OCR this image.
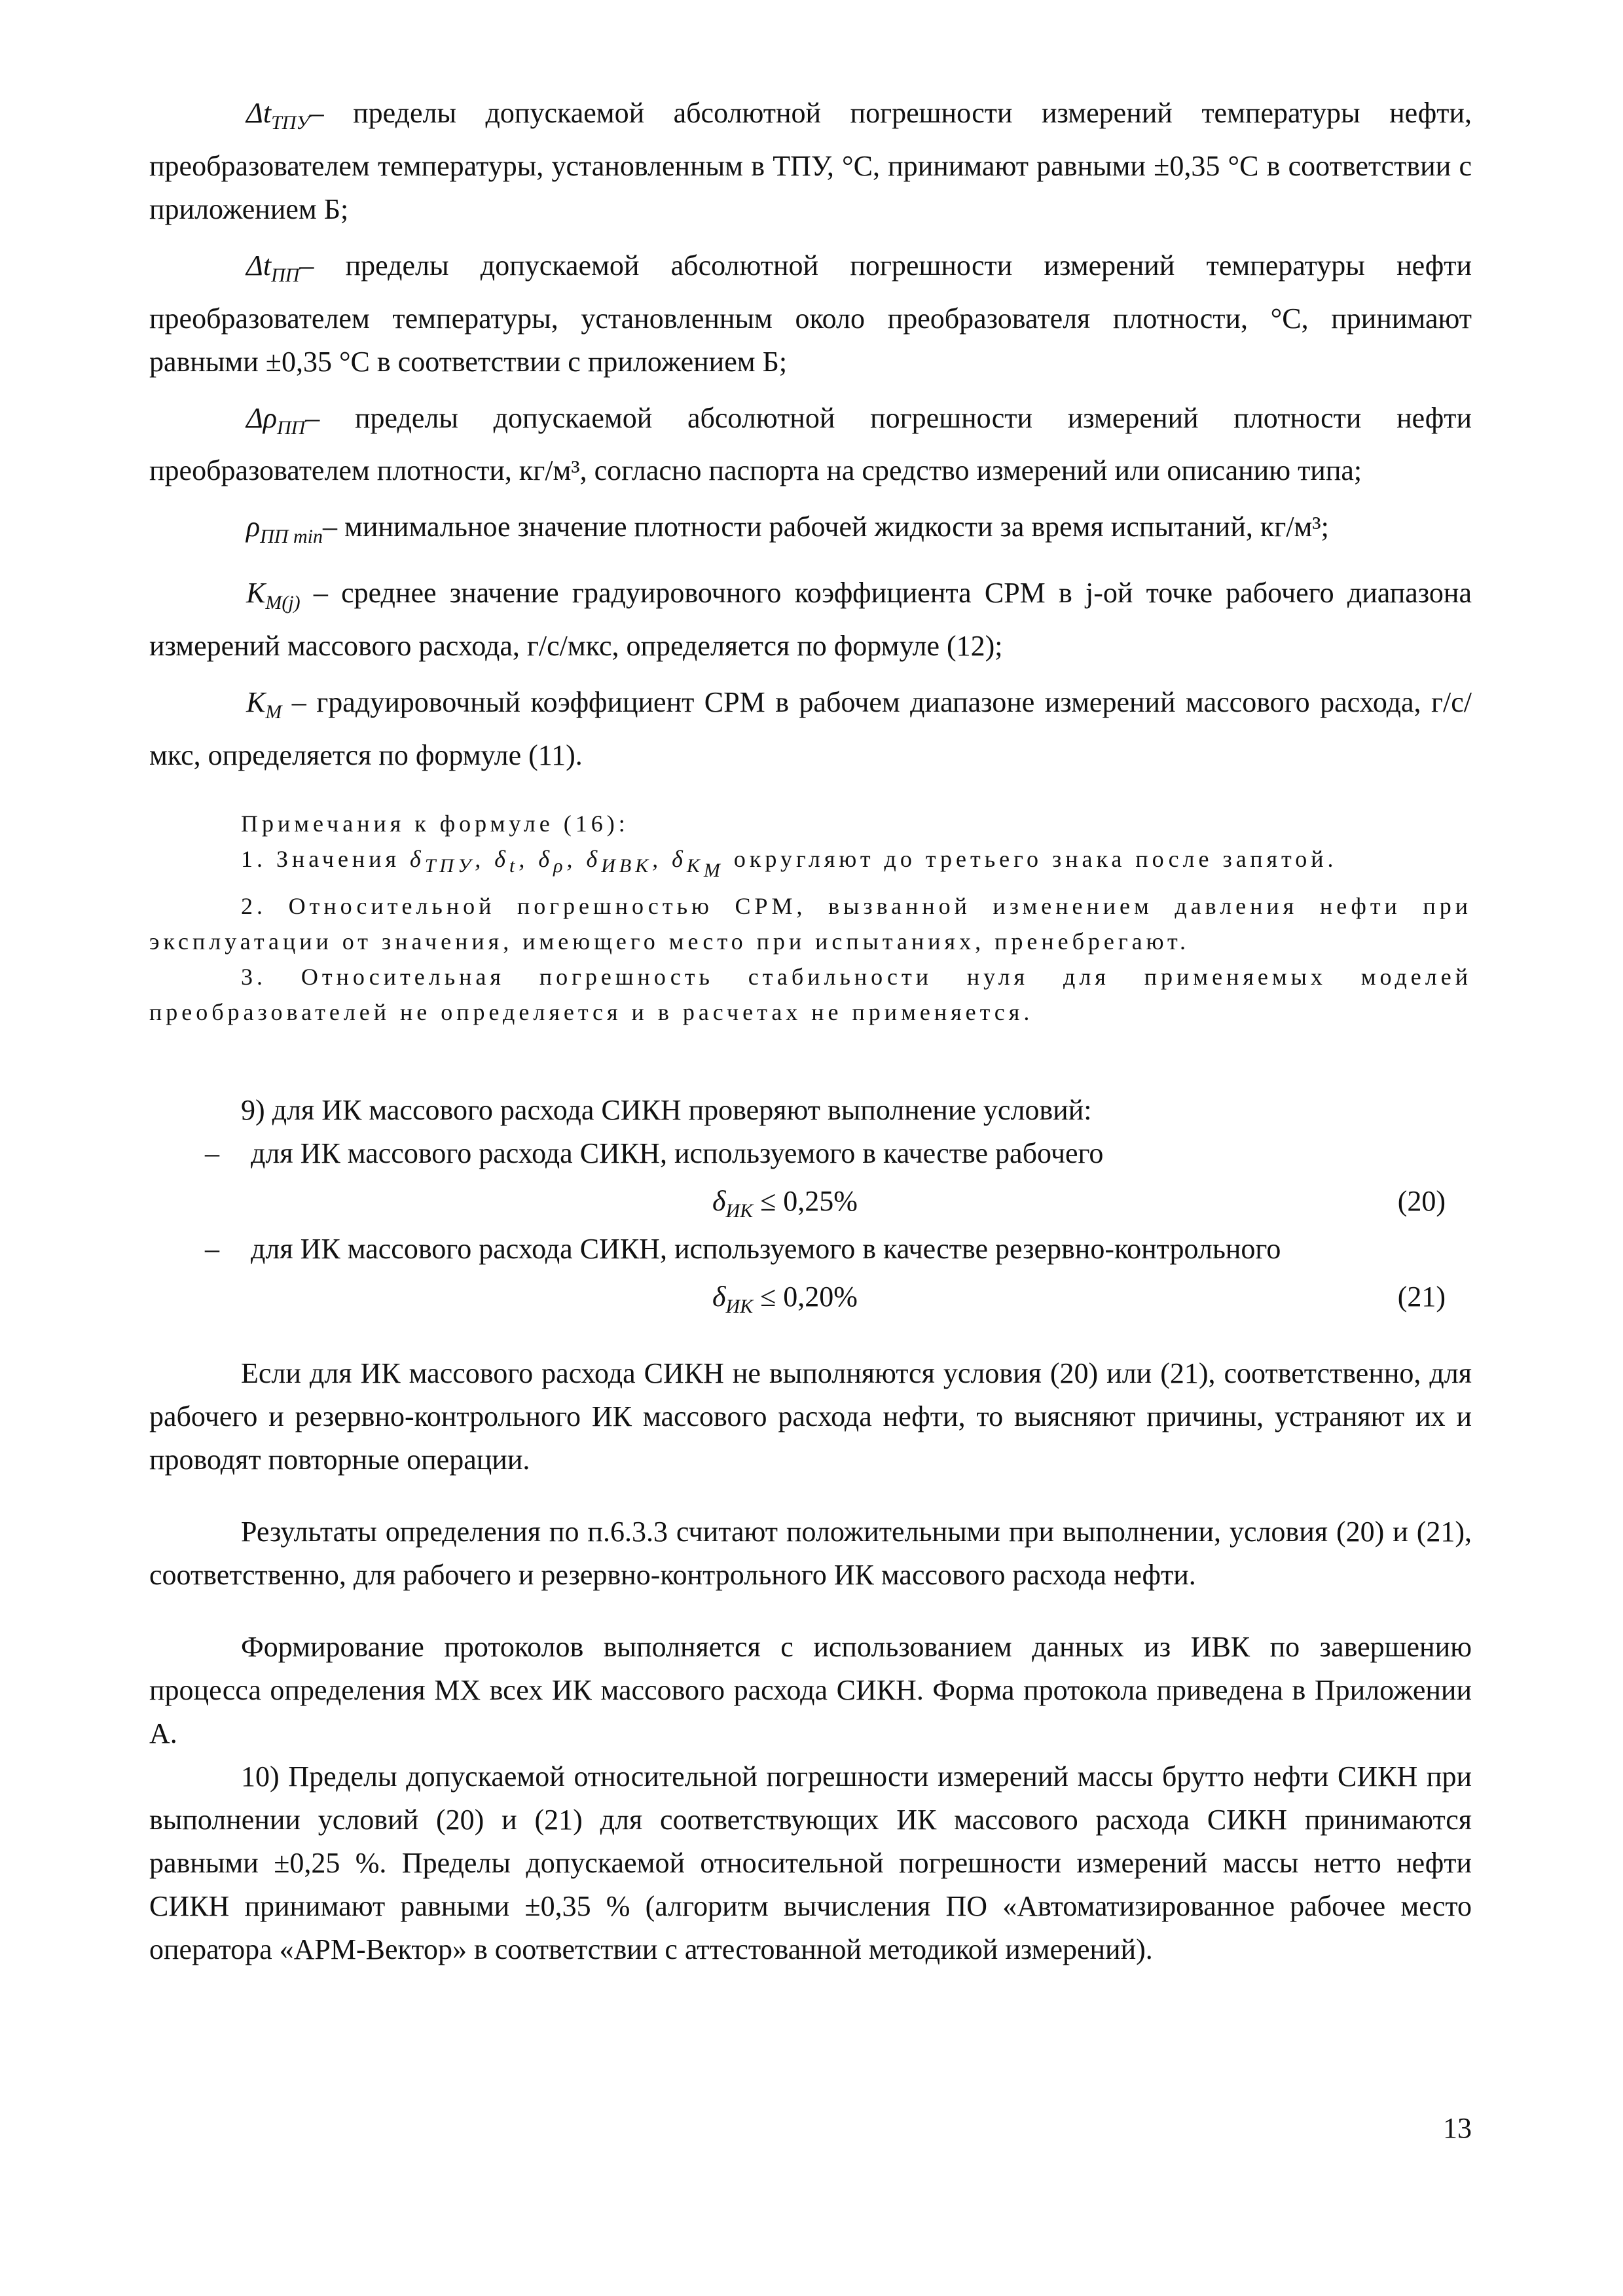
$\Delta t_{ТПУ}-$ пределы допускаемой абсолютной погрешности измерений температуры нефти, преобразователем температуры, установленным в ТПУ, °С, принимают равными ±0,35 °С в соответствии с приложением Б;

$\Delta t_{ПП}-$ пределы допускаемой абсолютной погрешности измерений температуры нефти преобразователем температуры, установленным около преобразователя плотности, °С, принимают равными ±0,35 °С в соответствии с приложением Б;

$\Delta\rho_{ПП}-$ пределы допускаемой абсолютной погрешности измерений плотности нефти преобразователем плотности, кг/м³, согласно паспорта на средство измерений или описанию типа;

$\rho_{ПП min}-$ минимальное значение плотности рабочей жидкости за время испытаний, кг/м³;

$K_{M(j)}$ – среднее значение градуировочного коэффициента СРМ в j-ой точке рабочего диапазона измерений массового расхода, г/с/мкс, определяется по формуле (12);

$K_M$ – градуировочный коэффициент СРМ в рабочем диапазоне измерений массового расхода, г/с/мкс, определяется по формуле (11).

Примечания к формуле (16):

1. Значения $\delta_{ТПУ}$, $\delta_t$, $\delta_\rho$, $\delta_{ИВК}$, $\delta_{K_M}$ округляют до третьего знака после запятой.

2. Относительной погрешностью СРМ, вызванной изменением давления нефти при эксплуатации от значения, имеющего место при испытаниях, пренебрегают.

3. Относительная погрешность стабильности нуля для применяемых моделей преобразователей не определяется и в расчетах не применяется.

9) для ИК массового расхода СИКН проверяют выполнение условий:

– для ИК массового расхода СИКН, используемого в качестве рабочего
$\delta_{ИК} \le 0,25\%$	(20)
– для ИК массового расхода СИКН, используемого в качестве резервно-контрольного
$\delta_{ИК} \le 0,20\%$	(21)

Если для ИК массового расхода СИКН не выполняются условия (20) или (21), соответственно, для рабочего и резервно-контрольного ИК массового расхода нефти, то выясняют причины, устраняют их и проводят повторные операции.

Результаты определения по п.6.3.3 считают положительными при выполнении, условия (20) и (21), соответственно, для рабочего и резервно-контрольного ИК массового расхода нефти.

Формирование протоколов выполняется с использованием данных из ИВК по завершению процесса определения МХ всех ИК массового расхода СИКН. Форма протокола приведена в Приложении А.

10) Пределы допускаемой относительной погрешности измерений массы брутто нефти СИКН при выполнении условий (20) и (21) для соответствующих ИК массового расхода СИКН принимаются равными ±0,25 %. Пределы допускаемой относительной погрешности измерений массы нетто нефти СИКН принимают равными ±0,35 % (алгоритм вычисления ПО «Автоматизированное рабочее место оператора «АРМ-Вектор» в соответствии с аттестованной методикой измерений).

13
